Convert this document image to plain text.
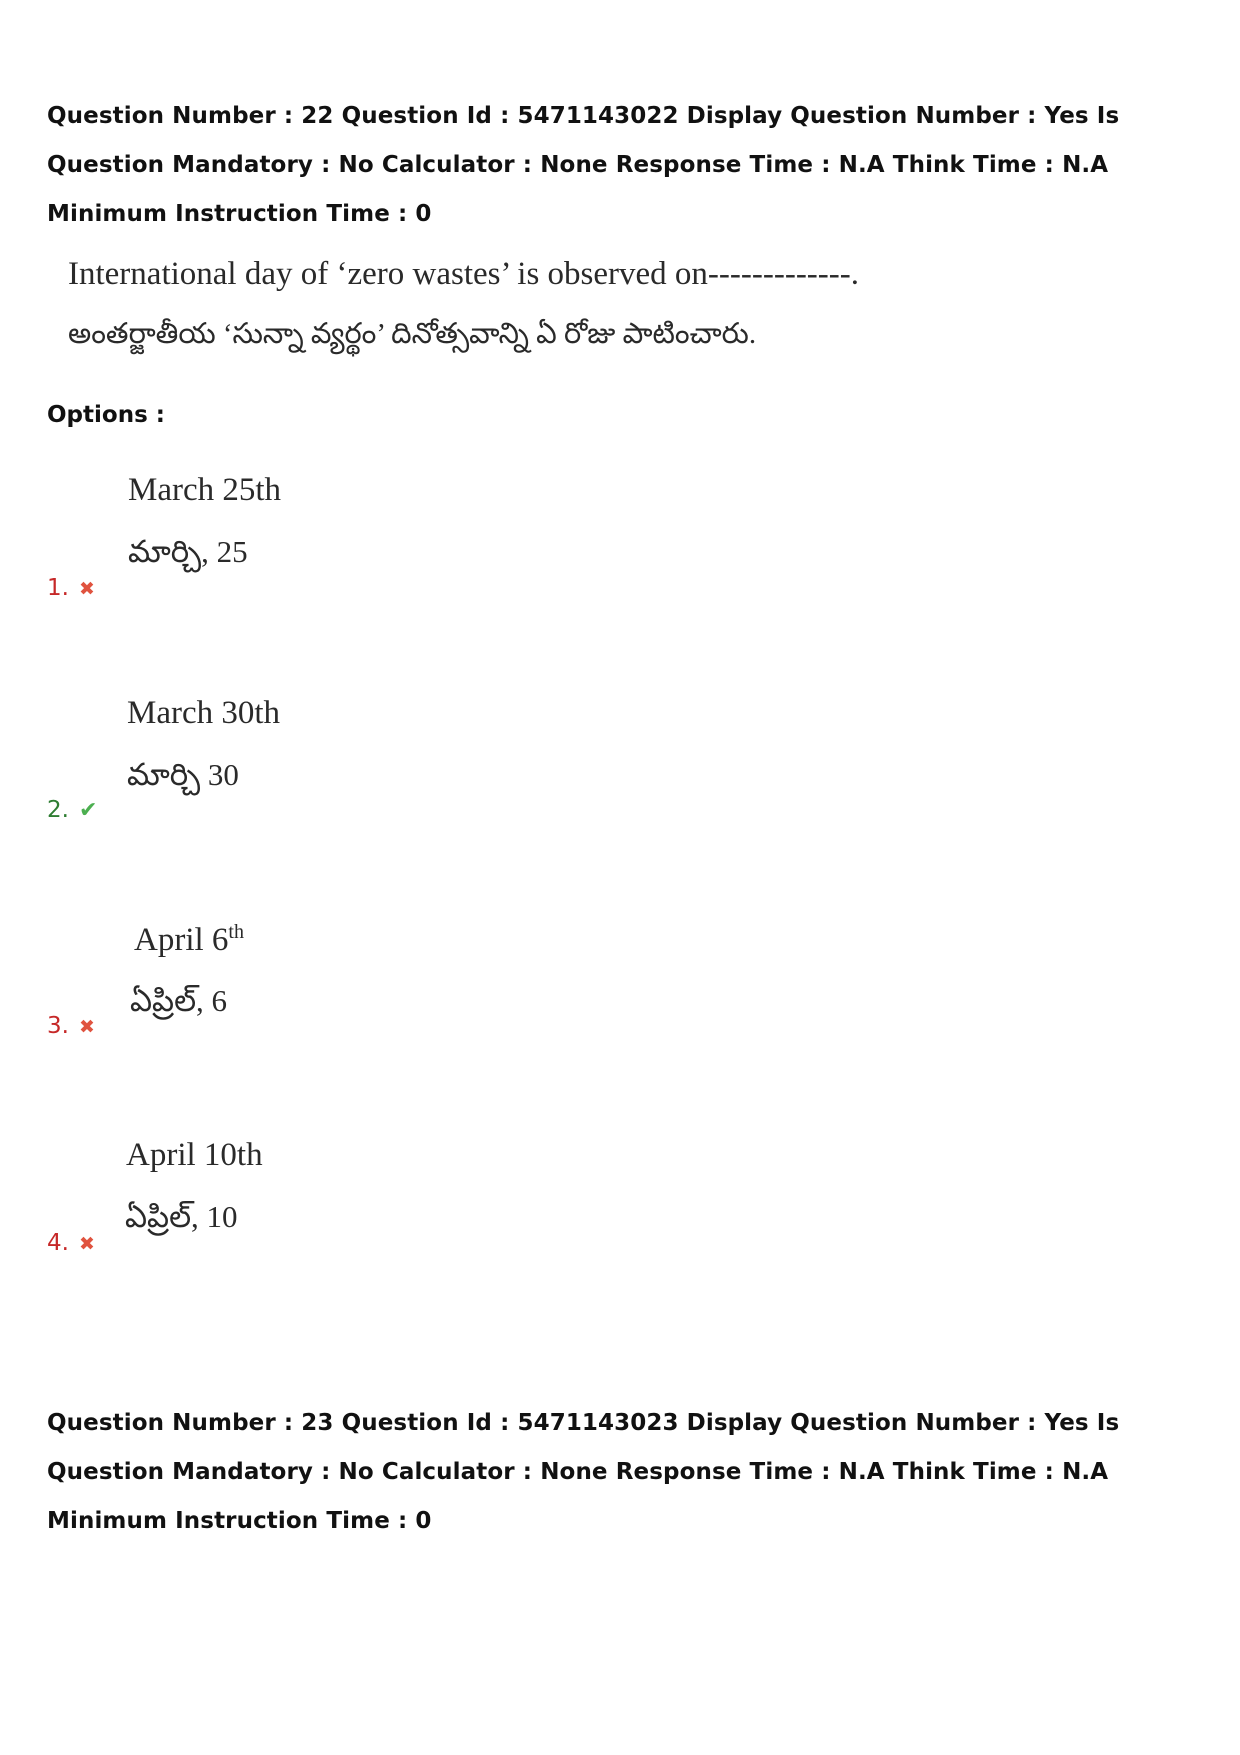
Question Number : 22 Question Id : 5471143022 Display Question Number : Yes Is Question Mandatory : No Calculator : None Response Time : N.A Think Time : N.A Minimum Instruction Time : 0
International day of ‘zero wastes’ is observed on-------------.
అంతర్జాతీయ ‘సున్నా వ్యర్థం’ దినోత్సవాన్ని ఏ రోజు పాటించారు.
Options :
March 25th
మార్చి, 25
1. ✖
March 30th
మార్చి 30
2. ✔
April 6th
ఏప్రిల్, 6
3. ✖
April 10th
ఏప్రిల్, 10
4. ✖
Question Number : 23 Question Id : 5471143023 Display Question Number : Yes Is Question Mandatory : No Calculator : None Response Time : N.A Think Time : N.A Minimum Instruction Time : 0
